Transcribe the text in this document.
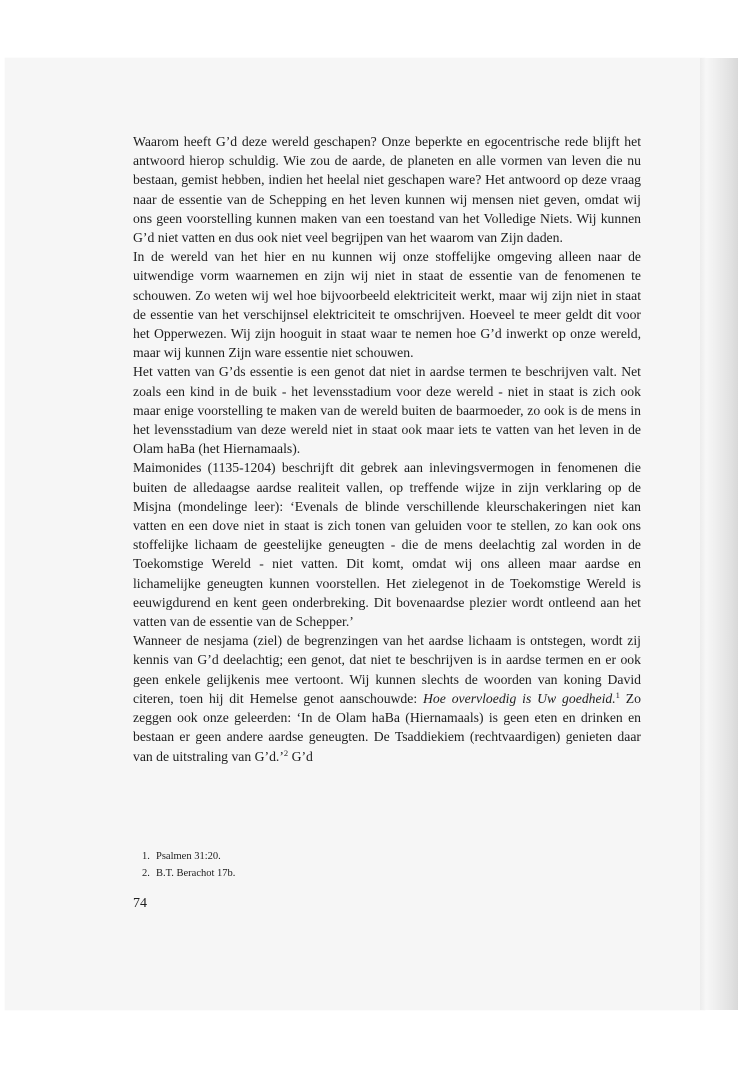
Waarom heeft G’d deze wereld geschapen? Onze beperkte en egocentrische rede blijft het antwoord hierop schuldig. Wie zou de aarde, de planeten en alle vormen van leven die nu bestaan, gemist hebben, indien het heelal niet geschapen ware? Het antwoord op deze vraag naar de essentie van de Schepping en het leven kunnen wij mensen niet geven, omdat wij ons geen voorstelling kunnen maken van een toestand van het Volledige Niets. Wij kunnen G’d niet vatten en dus ook niet veel begrijpen van het waarom van Zijn daden.

In de wereld van het hier en nu kunnen wij onze stoffelijke omgeving alleen naar de uitwendige vorm waarnemen en zijn wij niet in staat de essentie van de fenomenen te schouwen. Zo weten wij wel hoe bijvoorbeeld elektriciteit werkt, maar wij zijn niet in staat de essentie van het verschijnsel elektriciteit te omschrijven. Hoeveel te meer geldt dit voor het Opperwezen. Wij zijn hooguit in staat waar te nemen hoe G’d inwerkt op onze wereld, maar wij kunnen Zijn ware essentie niet schouwen.

Het vatten van G’ds essentie is een genot dat niet in aardse termen te beschrijven valt. Net zoals een kind in de buik - het levensstadium voor deze wereld - niet in staat is zich ook maar enige voorstelling te maken van de wereld buiten de baarmoeder, zo ook is de mens in het levensstadium van deze wereld niet in staat ook maar iets te vatten van het leven in de Olam haBa (het Hiernamaals).

Maimonides (1135-1204) beschrijft dit gebrek aan inlevingsvermogen in fenomenen die buiten de alledaagse aardse realiteit vallen, op treffende wijze in zijn verklaring op de Misjna (mondelinge leer): ‘Evenals de blinde verschillende kleurschakeringen niet kan vatten en een dove niet in staat is zich tonen van geluiden voor te stellen, zo kan ook ons stoffelijke lichaam de geestelijke geneugten - die de mens deelachtig zal worden in de Toekomstige Wereld - niet vatten. Dit komt, omdat wij ons alleen maar aardse en lichamelijke geneugten kunnen voorstellen. Het zielegenot in de Toekomstige Wereld is eeuwigdurend en kent geen onderbreking. Dit bovenaardse plezier wordt ontleend aan het vatten van de essentie van de Schepper.’

Wanneer de nesjama (ziel) de begrenzingen van het aardse lichaam is ontstegen, wordt zij kennis van G’d deelachtig; een genot, dat niet te beschrijven is in aardse termen en er ook geen enkele gelijkenis mee vertoont. Wij kunnen slechts de woorden van koning David citeren, toen hij dit Hemelse genot aanschouwde: Hoe overvloedig is Uw goedheid.$^1$ Zo zeggen ook onze geleerden: ‘In de Olam haBa (Hiernamaals) is geen eten en drinken en bestaan er geen andere aardse geneugten. De Tsaddiekiem (rechtvaardigen) genieten daar van de uitstraling van G’d.’$^2$ G’d

1. Psalmen 31:20.
2. B.T. Berachot 17b.
74
